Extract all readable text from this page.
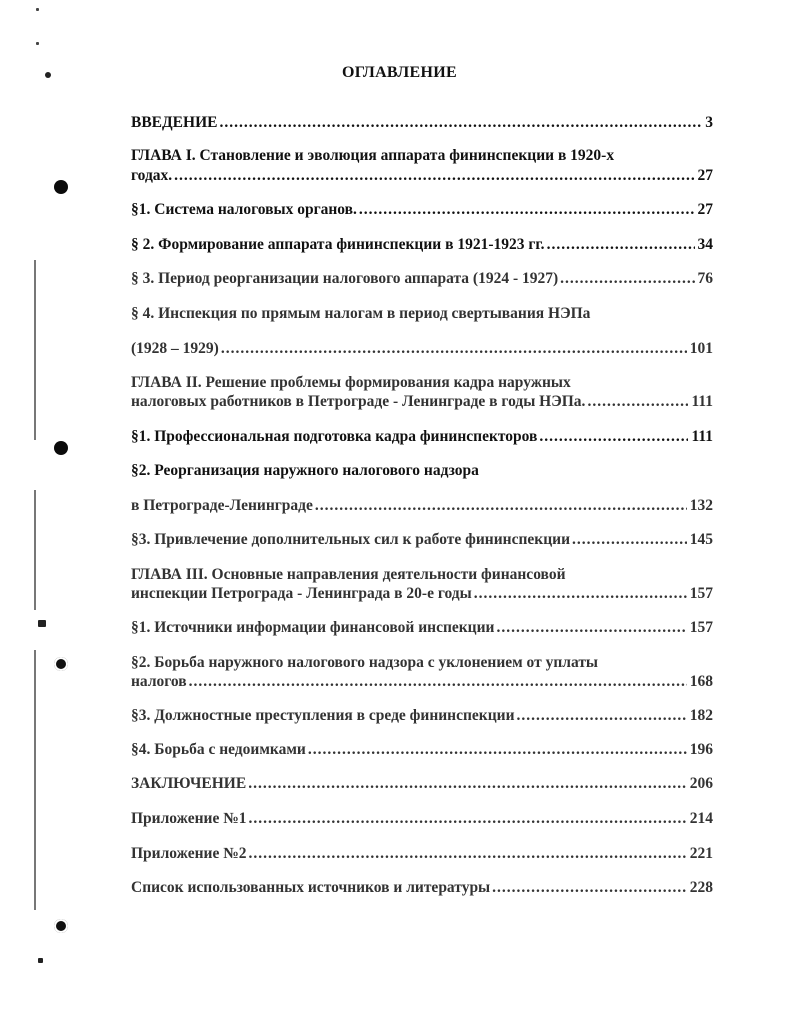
ОГЛАВЛЕНИЕ
ВВЕДЕНИЕ .....	3
ГЛАВА I. Становление и эволюция аппарата фининспекции в 1920-х
годах. .....	27
§1. Система налоговых органов. .....	27
§ 2. Формирование аппарата фининспекции в 1921-1923 гг. .....	34
§ 3. Период реорганизации налогового аппарата (1924 - 1927) .....	76
§ 4. Инспекция по прямым налогам в период свертывания НЭПа
(1928 – 1929) .....	101
ГЛАВА II. Решение проблемы формирования кадра наружных
налоговых работников в Петрограде - Ленинграде в годы НЭПа. .....	111
§1. Профессиональная подготовка кадра фининспекторов .....	111
§2. Реорганизация наружного налогового надзора
в Петрограде-Ленинграде .....	132
§3. Привлечение дополнительных сил к работе фининспекции .....	145
ГЛАВА III. Основные направления деятельности финансовой
инспекции Петрограда - Ленинграда в 20-е годы .....	157
§1. Источники информации финансовой инспекции .....	157
§2. Борьба наружного налогового надзора с уклонением от уплаты
налогов .....	168
§3. Должностные преступления в среде фининспекции .....	182
§4. Борьба с недоимками .....	196
ЗАКЛЮЧЕНИЕ .....	206
Приложение №1 .....	214
Приложение №2 .....	221
Список использованных источников и литературы .....	228
